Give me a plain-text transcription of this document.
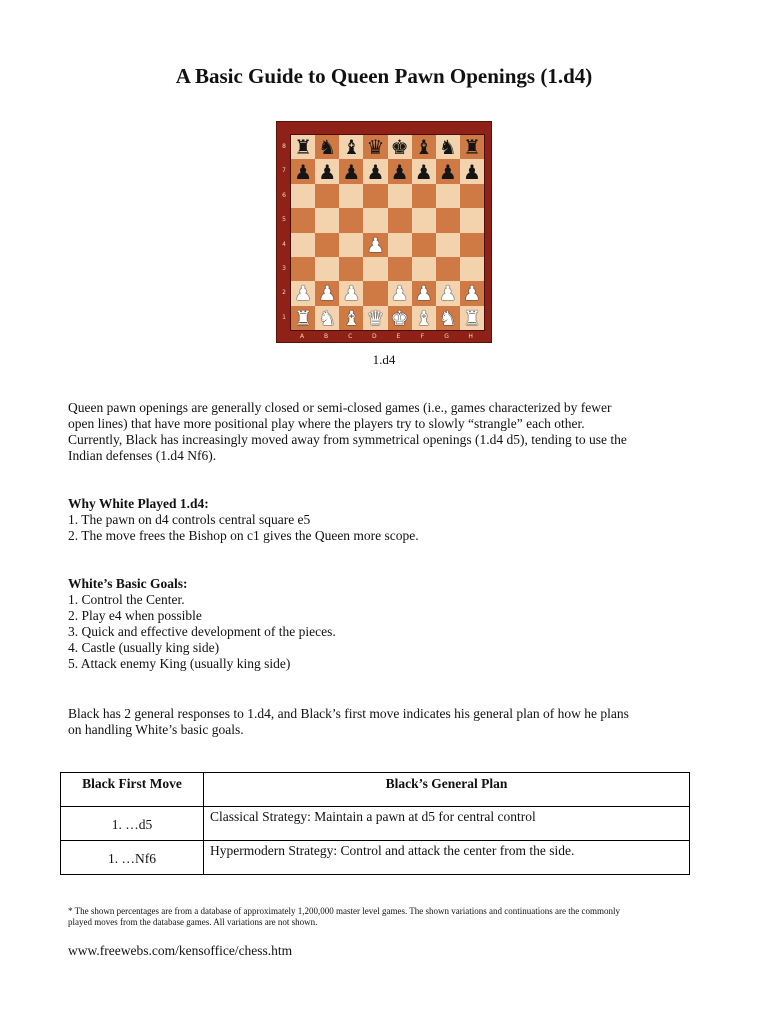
A Basic Guide to Queen Pawn Openings (1.d4)
♜ ♞ ♝ ♛ ♚ ♝ ♞ ♜
♟ ♟ ♟ ♟ ♟ ♟ ♟ ♟
♟
♟ ♟ ♟ ♟ ♟ ♟ ♟
♜ ♞ ♝ ♛ ♚ ♝ ♞ ♜
8
7
6
5
4
3
2
1
A	B	C	D	E	F	G	H
1.d4

Queen pawn openings are generally closed or semi-closed games (i.e., games characterized by fewer

open lines) that have more positional play where the players try to slowly “strangle” each other.

Currently, Black has increasingly moved away from symmetrical openings (1.d4 d5), tending to use the

Indian defenses (1.d4 Nf6).

Why White Played 1.d4:

1. The pawn on d4 controls central square e5

2. The move frees the Bishop on c1 gives the Queen more scope.

White’s Basic Goals:

1. Control the Center.

2. Play e4 when possible

3. Quick and effective development of the pieces.

4. Castle (usually king side)

5. Attack enemy King (usually king side)

Black has 2 general responses to 1.d4, and Black’s first move indicates his general plan of how he plans

on handling White’s basic goals.

Black First Move	Black’s General Plan
1. …d5	Classical Strategy: Maintain a pawn at d5 for central control
1. …Nf6	Hypermodern Strategy: Control and attack the center from the side.
* The shown percentages are from a database of approximately 1,200,000 master level games. The shown variations and continuations are the commonly
played moves from the database games. All variations are not shown.
www.freewebs.com/kensoffice/chess.htm
